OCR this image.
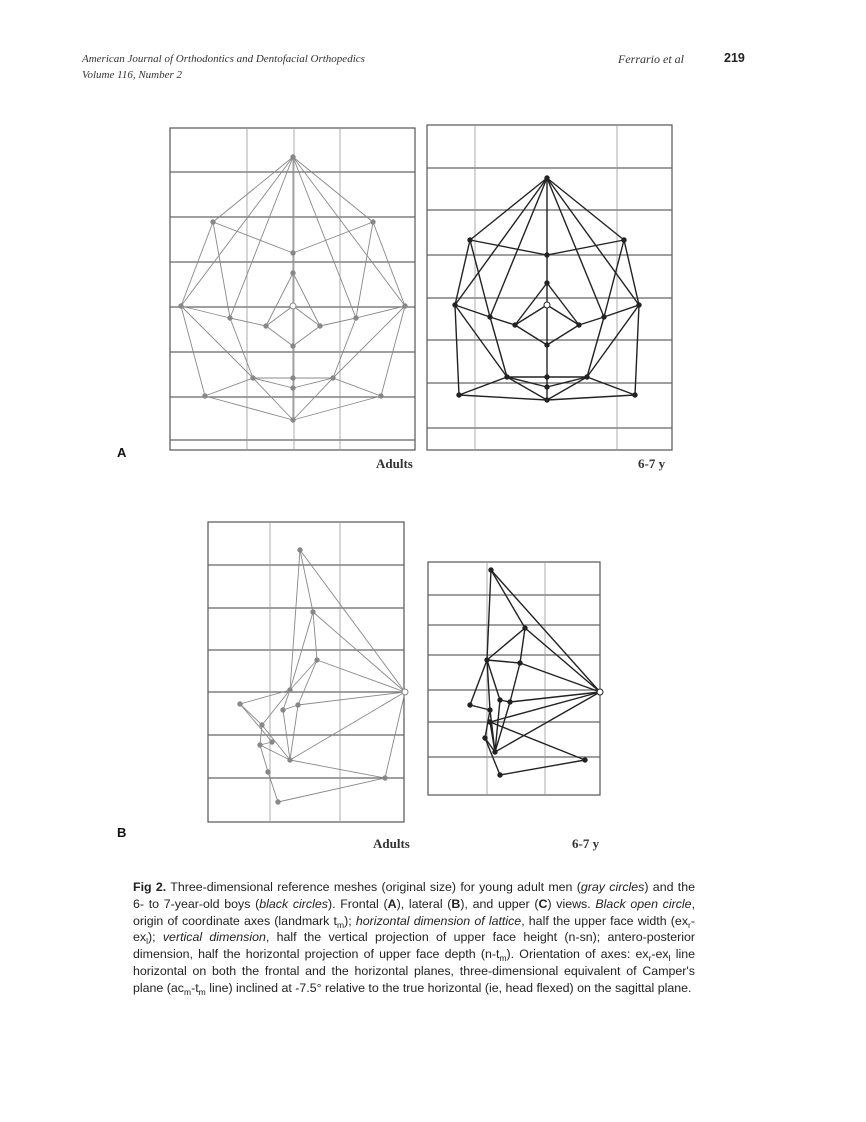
American Journal of Orthodontics and Dentofacial Orthopedics
Volume 116, Number 2
Ferrario et al	219
A
Adults	6-7 y
B
Adults	6-7 y
Fig 2. Three-dimensional reference meshes (original size) for young adult men (gray circles) and the 6- to 7-year-old boys (black circles). Frontal (A), lateral (B), and upper (C) views. Black open circle, origin of coordinate axes (landmark $t_m$); horizontal dimension of lattice, half the upper face width $(ex_r-ex_l)$; vertical dimension, half the vertical projection of upper face height (n-sn); antero-posterior dimension, half the horizontal projection of upper face depth $(n-t_m)$. Orientation of axes: $ex_r-ex_l$ line horizontal on both the frontal and the horizontal planes, three-dimensional equivalent of Camper's plane ($ac_m-t_m$ line) inclined at -7.5° relative to the true horizontal (ie, head flexed) on the sagittal plane.
